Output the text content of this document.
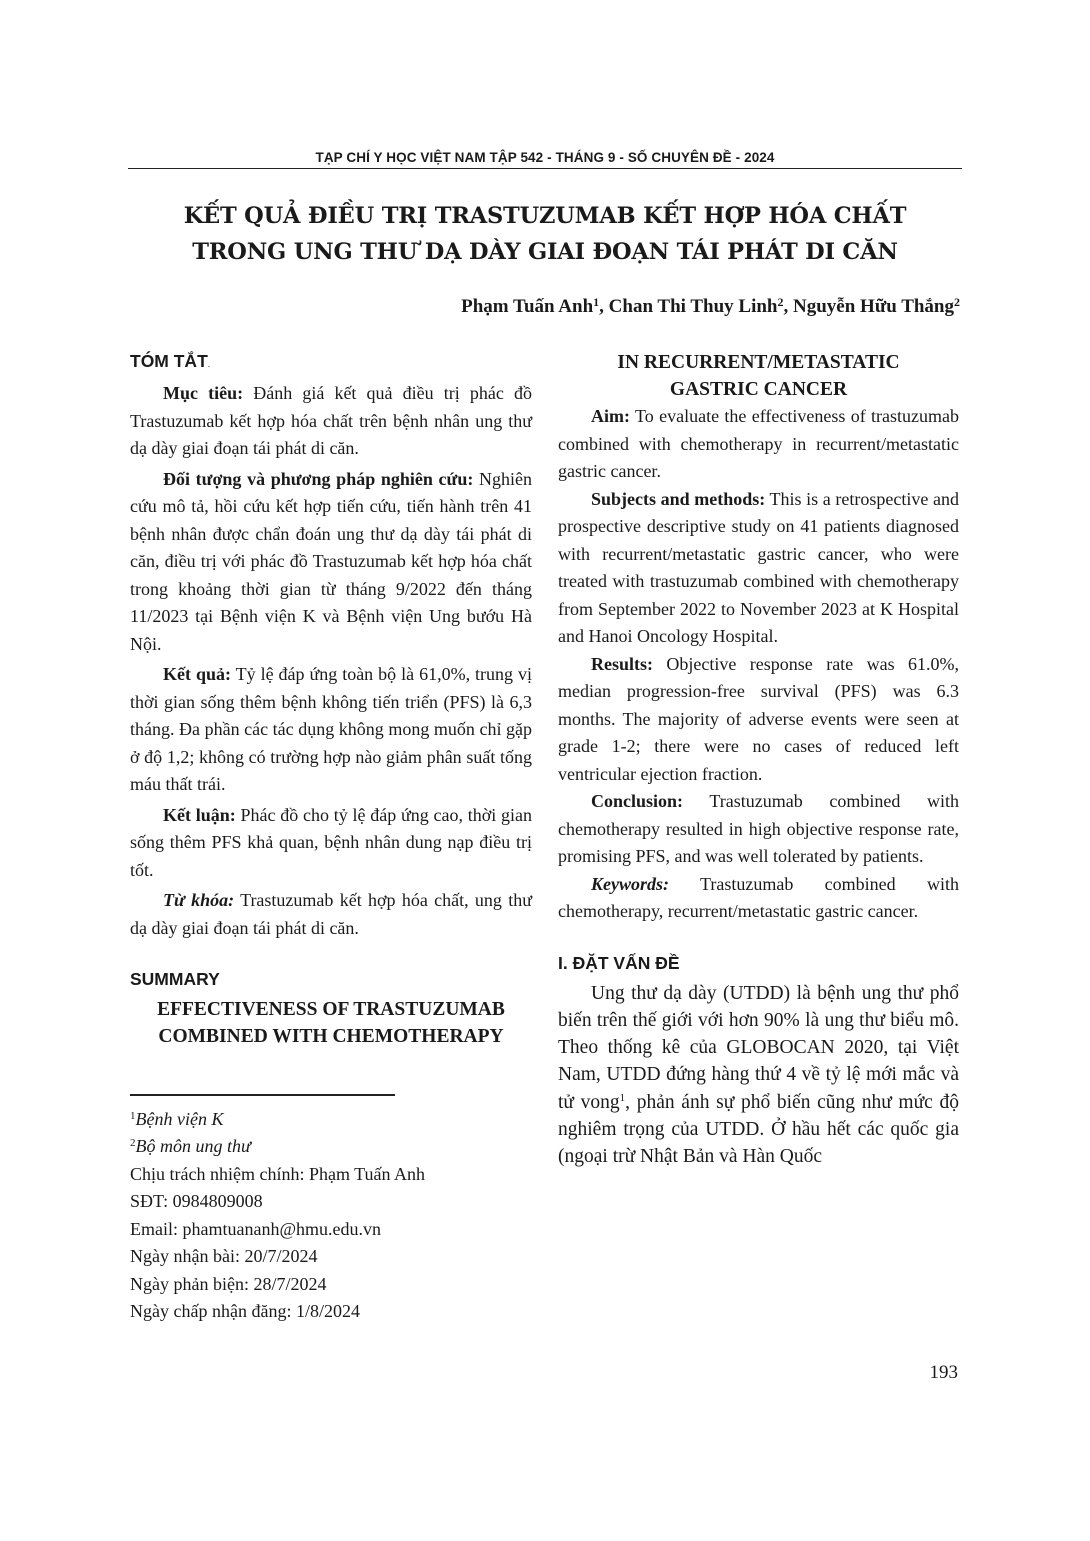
TẠP CHÍ Y HỌC VIỆT NAM TẬP 542 - THÁNG 9 - SỐ CHUYÊN ĐỀ - 2024
KẾT QUẢ ĐIỀU TRỊ TRASTUZUMAB KẾT HỢP HÓA CHẤT
TRONG UNG THƯ DẠ DÀY GIAI ĐOẠN TÁI PHÁT DI CĂN
Phạm Tuấn Anh$^1$, Chan Thi Thuy Linh$^2$, Nguyễn Hữu Thắng$^2$
TÓM TẮT.

Mục tiêu: Đánh giá kết quả điều trị phác đồ Trastuzumab kết hợp hóa chất trên bệnh nhân ung thư dạ dày giai đoạn tái phát di căn.

Đối tượng và phương pháp nghiên cứu: Nghiên cứu mô tả, hồi cứu kết hợp tiến cứu, tiến hành trên 41 bệnh nhân được chẩn đoán ung thư dạ dày tái phát di căn, điều trị với phác đồ Trastuzumab kết hợp hóa chất trong khoảng thời gian từ tháng 9/2022 đến tháng 11/2023 tại Bệnh viện K và Bệnh viện Ung bướu Hà Nội.

Kết quả: Tỷ lệ đáp ứng toàn bộ là 61,0%, trung vị thời gian sống thêm bệnh không tiến triển (PFS) là 6,3 tháng. Đa phần các tác dụng không mong muốn chỉ gặp ở độ 1,2; không có trường hợp nào giảm phân suất tống máu thất trái.

Kết luận: Phác đồ cho tỷ lệ đáp ứng cao, thời gian sống thêm PFS khả quan, bệnh nhân dung nạp điều trị tốt.

Từ khóa: Trastuzumab kết hợp hóa chất, ung thư dạ dày giai đoạn tái phát di căn.

SUMMARY
EFFECTIVENESS OF TRASTUZUMAB
COMBINED WITH CHEMOTHERAPY
$^1$Bệnh viện K
$^2$Bộ môn ung thư
Chịu trách nhiệm chính: Phạm Tuấn Anh
SĐT: 0984809008
Email: phamtuananh@hmu.edu.vn
Ngày nhận bài: 20/7/2024
Ngày phản biện: 28/7/2024
Ngày chấp nhận đăng: 1/8/2024
IN RECURRENT/METASTATIC
GASTRIC CANCER

Aim: To evaluate the effectiveness of trastuzumab combined with chemotherapy in recurrent/metastatic gastric cancer.

Subjects and methods: This is a retrospective and prospective descriptive study on 41 patients diagnosed with recurrent/metastatic gastric cancer, who were treated with trastuzumab combined with chemotherapy from September 2022 to November 2023 at K Hospital and Hanoi Oncology Hospital.

Results: Objective response rate was 61.0%, median progression-free survival (PFS) was 6.3 months. The majority of adverse events were seen at grade 1-2; there were no cases of reduced left ventricular ejection fraction.

Conclusion: Trastuzumab combined with chemotherapy resulted in high objective response rate, promising PFS, and was well tolerated by patients.

Keywords: Trastuzumab combined with chemotherapy, recurrent/metastatic gastric cancer.

I. ĐẶT VẤN ĐỀ

Ung thư dạ dày (UTDD) là bệnh ung thư phổ biến trên thế giới với hơn 90% là ung thư biểu mô. Theo thống kê của GLOBOCAN 2020, tại Việt Nam, UTDD đứng hàng thứ 4 về tỷ lệ mới mắc và tử vong$^1$, phản ánh sự phổ biến cũng như mức độ nghiêm trọng của UTDD. Ở hầu hết các quốc gia (ngoại trừ Nhật Bản và Hàn Quốc

193
